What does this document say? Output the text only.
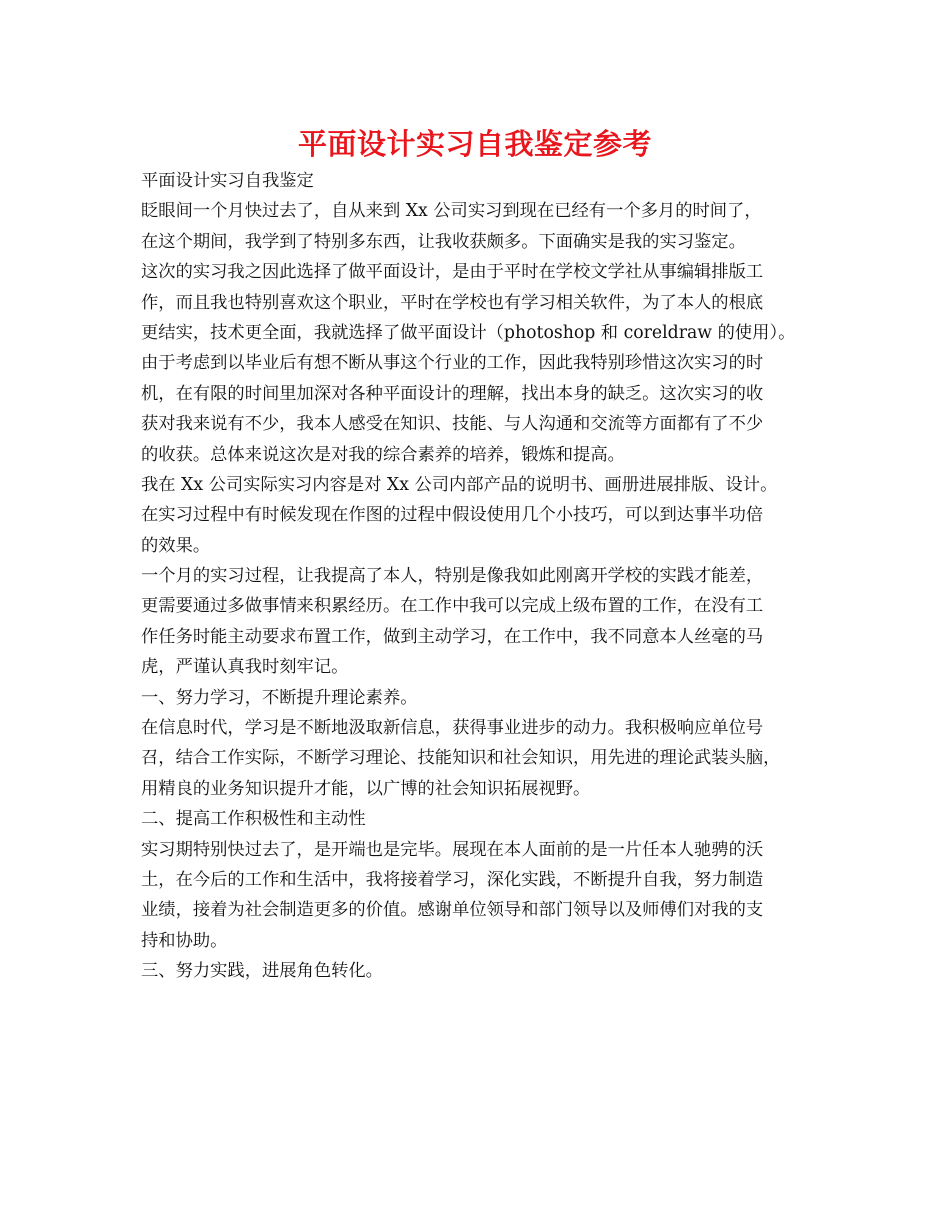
平面设计实习自我鉴定参考
平面设计实习自我鉴定
眨眼间一个月快过去了，自从来到 Xx 公司实习到现在已经有一个多月的时间了，
在这个期间，我学到了特别多东西，让我收获颇多。下面确实是我的实习鉴定。
这次的实习我之因此选择了做平面设计，是由于平时在学校文学社从事编辑排版工
作，而且我也特别喜欢这个职业，平时在学校也有学习相关软件，为了本人的根底
更结实，技术更全面，我就选择了做平面设计（photoshop 和 coreldraw 的使用）。
由于考虑到以毕业后有想不断从事这个行业的工作，因此我特别珍惜这次实习的时
机，在有限的时间里加深对各种平面设计的理解，找出本身的缺乏。这次实习的收
获对我来说有不少，我本人感受在知识、技能、与人沟通和交流等方面都有了不少
的收获。总体来说这次是对我的综合素养的培养，锻炼和提高。
我在 Xx 公司实际实习内容是对 Xx 公司内部产品的说明书、画册进展排版、设计。
在实习过程中有时候发现在作图的过程中假设使用几个小技巧，可以到达事半功倍
的效果。
一个月的实习过程，让我提高了本人，特别是像我如此刚离开学校的实践才能差，
更需要通过多做事情来积累经历。在工作中我可以完成上级布置的工作，在没有工
作任务时能主动要求布置工作，做到主动学习，在工作中，我不同意本人丝毫的马
虎，严谨认真我时刻牢记。
一、努力学习，不断提升理论素养。
在信息时代，学习是不断地汲取新信息，获得事业进步的动力。我积极响应单位号
召，结合工作实际，不断学习理论、技能知识和社会知识，用先进的理论武装头脑，
用精良的业务知识提升才能，以广博的社会知识拓展视野。
二、提高工作积极性和主动性
实习期特别快过去了，是开端也是完毕。展现在本人面前的是一片任本人驰骋的沃
土，在今后的工作和生活中，我将接着学习，深化实践，不断提升自我，努力制造
业绩，接着为社会制造更多的价值。感谢单位领导和部门领导以及师傅们对我的支
持和协助。
三、努力实践，进展角色转化。
